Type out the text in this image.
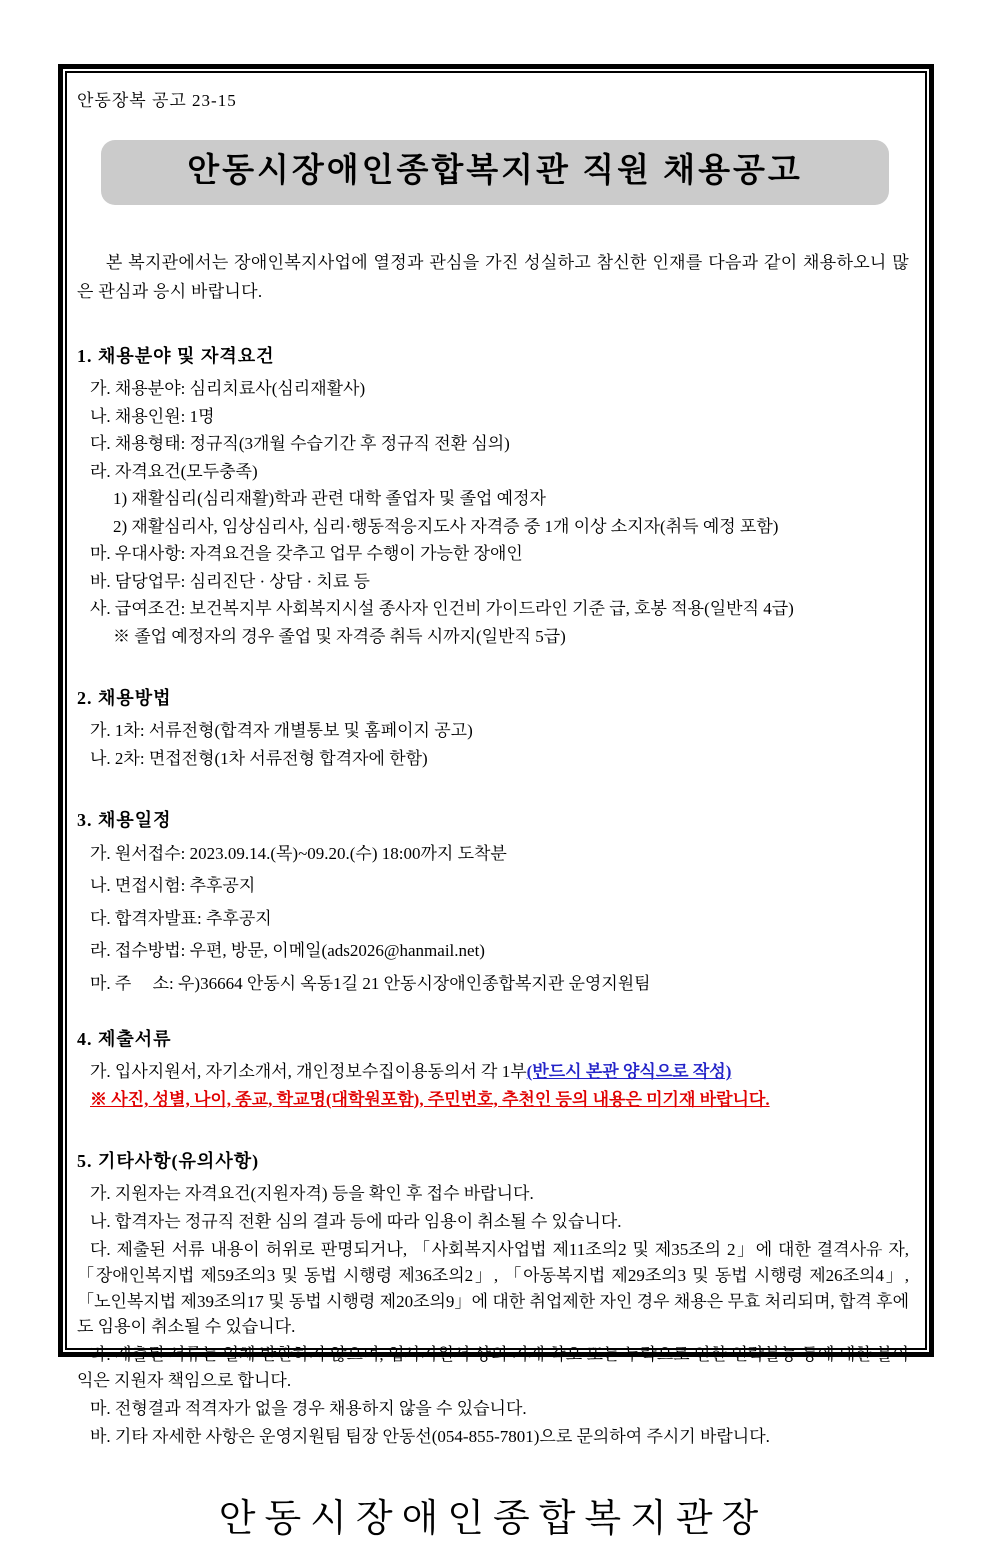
안동장복 공고 23-15
안동시장애인종합복지관 직원 채용공고

본 복지관에서는 장애인복지사업에 열정과 관심을 가진 성실하고 참신한 인재를 다음과 같이 채용하오니 많은 관심과 응시 바랍니다.

1. 채용분야 및 자격요건

가. 채용분야: 심리치료사(심리재활사)

나. 채용인원: 1명

다. 채용형태: 정규직(3개월 수습기간 후 정규직 전환 심의)

라. 자격요건(모두충족)

1) 재활심리(심리재활)학과 관련 대학 졸업자 및 졸업 예정자

2) 재활심리사, 임상심리사, 심리·행동적응지도사 자격증 중 1개 이상 소지자(취득 예정 포함)

마. 우대사항: 자격요건을 갖추고 업무 수행이 가능한 장애인

바. 담당업무: 심리진단 · 상담 · 치료 등

사. 급여조건: 보건복지부 사회복지시설 종사자 인건비 가이드라인 기준 급, 호봉 적용(일반직 4급)

※ 졸업 예정자의 경우 졸업 및 자격증 취득 시까지(일반직 5급)

2. 채용방법

가. 1차: 서류전형(합격자 개별통보 및 홈페이지 공고)

나. 2차: 면접전형(1차 서류전형 합격자에 한함)

3. 채용일정

가. 원서접수: 2023.09.14.(목)~09.20.(수) 18:00까지 도착분

나. 면접시험: 추후공지

다. 합격자발표: 추후공지

라. 접수방법: 우편, 방문, 이메일(ads2026@hanmail.net)

마. 주     소: 우)36664 안동시 옥동1길 21 안동시장애인종합복지관 운영지원팀

4. 제출서류

가. 입사지원서, 자기소개서, 개인정보수집이용동의서 각 1부(반드시 본관 양식으로 작성)

※ 사진, 성별, 나이, 종교, 학교명(대학원포함), 주민번호, 추천인 등의 내용은 미기재 바랍니다.

5. 기타사항(유의사항)

가. 지원자는 자격요건(지원자격) 등을 확인 후 접수 바랍니다.

나. 합격자는 정규직 전환 심의 결과 등에 따라 임용이 취소될 수 있습니다.

다. 제출된 서류 내용이 허위로 판명되거나, 「사회복지사업법 제11조의2 및 제35조의 2」에 대한 결격사유 자, 「장애인복지법 제59조의3 및 동법 시행령 제36조의2」, 「아동복지법 제29조의3 및 동법 시행령 제26조의4」, 「노인복지법 제39조의17 및 동법 시행령 제20조의9」에 대한 취업제한 자인 경우 채용은 무효 처리되며, 합격 후에도 임용이 취소될 수 있습니다.

라. 제출된 서류는 일체 반환하지 않으며, 입사지원서 상의 기재 착오 또는 누락으로 인한 연락불능 등에 대한 불이익은 지원자 책임으로 합니다.

마. 전형결과 적격자가 없을 경우 채용하지 않을 수 있습니다.

바. 기타 자세한 사항은 운영지원팀 팀장 안동선(054-855-7801)으로 문의하여 주시기 바랍니다.

안동시장애인종합복지관장
